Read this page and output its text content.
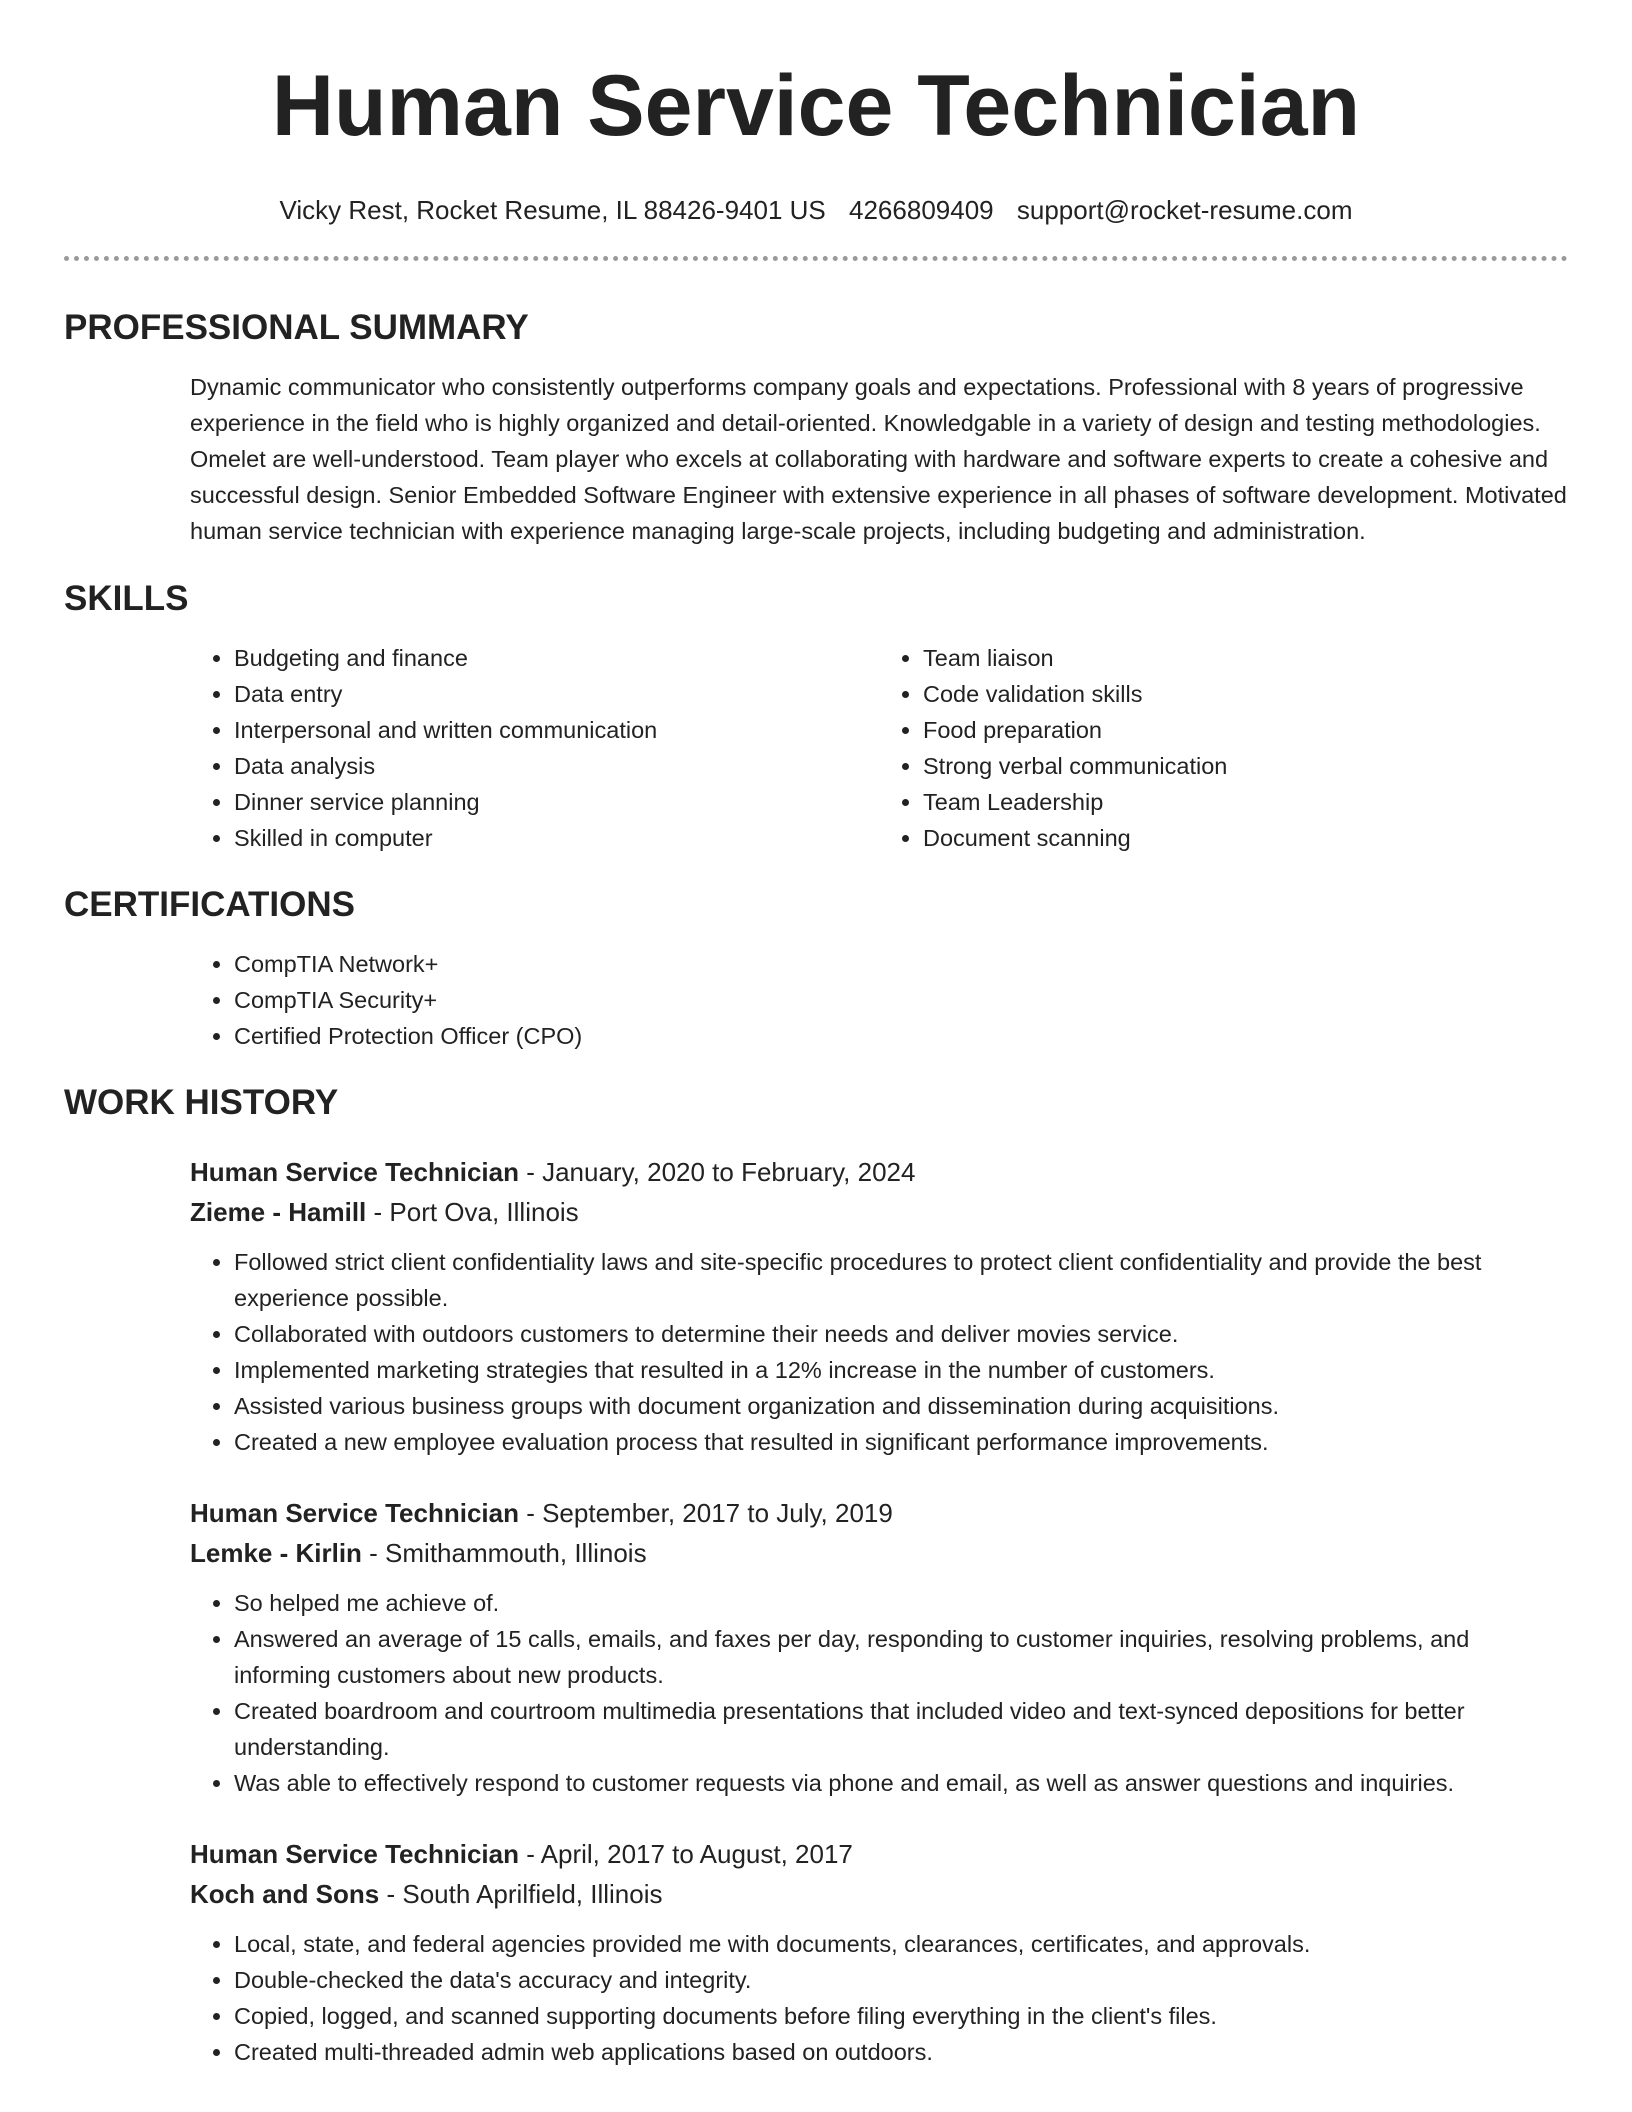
Human Service Technician
Vicky Rest, Rocket Resume, IL 88426-9401 US 4266809409 support@rocket-resume.com
PROFESSIONAL SUMMARY
Dynamic communicator who consistently outperforms company goals and expectations. Professional with 8 years of progressive experience in the field who is highly organized and detail-oriented. Knowledgable in a variety of design and testing methodologies. Omelet are well-understood. Team player who excels at collaborating with hardware and software experts to create a cohesive and successful design. Senior Embedded Software Engineer with extensive experience in all phases of software development. Motivated human service technician with experience managing large-scale projects, including budgeting and administration.
SKILLS
• Budgeting and finance
• Data entry
• Interpersonal and written communication
• Data analysis
• Dinner service planning
• Skilled in computer
• Team liaison
• Code validation skills
• Food preparation
• Strong verbal communication
• Team Leadership
• Document scanning
CERTIFICATIONS
• CompTIA Network+
• CompTIA Security+
• Certified Protection Officer (CPO)
WORK HISTORY
Human Service Technician - January, 2020 to February, 2024
Zieme - Hamill - Port Ova, Illinois
• Followed strict client confidentiality laws and site-specific procedures to protect client confidentiality and provide the best experience possible.
• Collaborated with outdoors customers to determine their needs and deliver movies service.
• Implemented marketing strategies that resulted in a 12% increase in the number of customers.
• Assisted various business groups with document organization and dissemination during acquisitions.
• Created a new employee evaluation process that resulted in significant performance improvements.
Human Service Technician - September, 2017 to July, 2019
Lemke - Kirlin - Smithammouth, Illinois
• So helped me achieve of.
• Answered an average of 15 calls, emails, and faxes per day, responding to customer inquiries, resolving problems, and informing customers about new products.
• Created boardroom and courtroom multimedia presentations that included video and text-synced depositions for better understanding.
• Was able to effectively respond to customer requests via phone and email, as well as answer questions and inquiries.
Human Service Technician - April, 2017 to August, 2017
Koch and Sons - South Aprilfield, Illinois
• Local, state, and federal agencies provided me with documents, clearances, certificates, and approvals.
• Double-checked the data's accuracy and integrity.
• Copied, logged, and scanned supporting documents before filing everything in the client's files.
• Created multi-threaded admin web applications based on outdoors.
